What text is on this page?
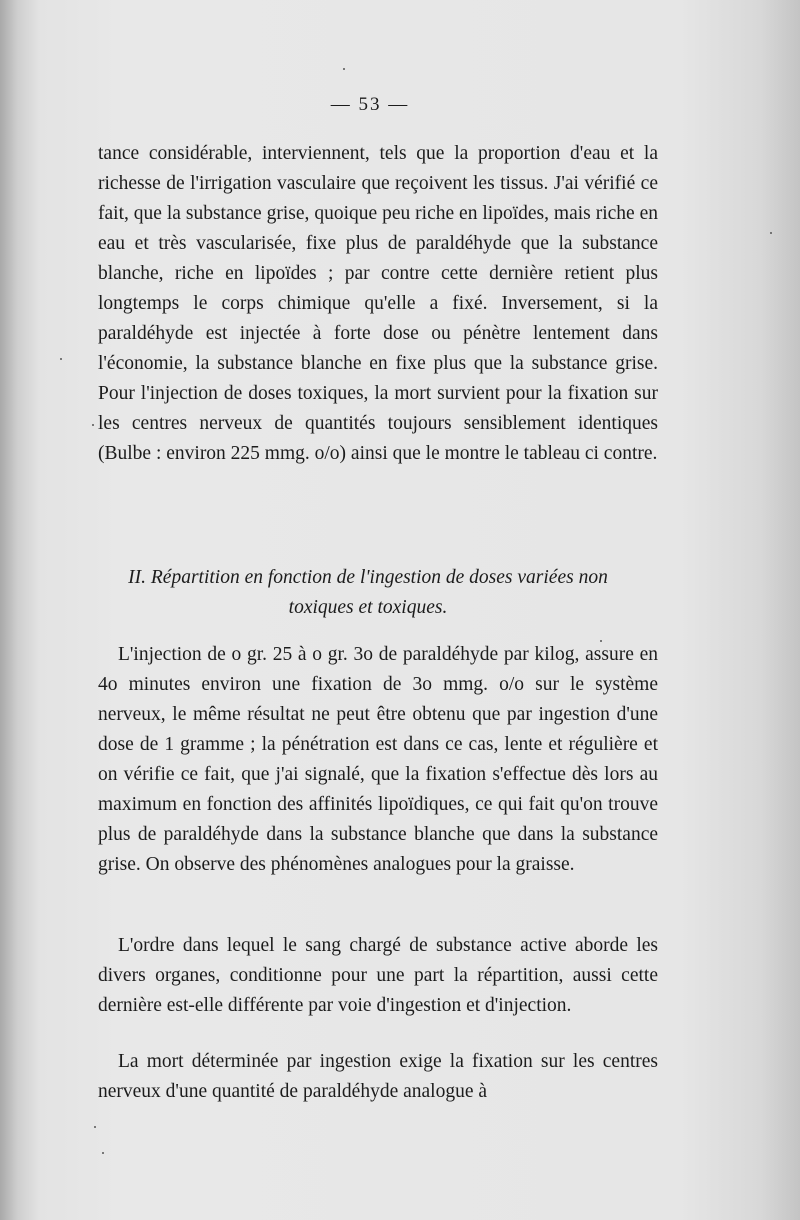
— 53 —

tance considérable, interviennent, tels que la proportion d'eau et la richesse de l'irrigation vasculaire que reçoivent les tissus. J'ai vérifié ce fait, que la substance grise, quoique peu riche en lipoïdes, mais riche en eau et très vascularisée, fixe plus de paraldéhyde que la substance blanche, riche en lipoïdes ; par contre cette dernière retient plus longtemps le corps chimique qu'elle a fixé. Inversement, si la paraldéhyde est injectée à forte dose ou pénètre lentement dans l'économie, la substance blanche en fixe plus que la substance grise. Pour l'injection de doses toxiques, la mort survient pour la fixation sur les centres nerveux de quantités toujours sensiblement identiques (Bulbe : environ 225 mmg. o/o) ainsi que le montre le tableau ci contre.

II. Répartition en fonction de l'ingestion de doses variées non toxiques et toxiques.

L'injection de o gr. 25 à o gr. 3o de paraldéhyde par kilog, assure en 4o minutes environ une fixation de 3o mmg. o/o sur le système nerveux, le même résultat ne peut être obtenu que par ingestion d'une dose de 1 gramme ; la pénétration est dans ce cas, lente et régulière et on vérifie ce fait, que j'ai signalé, que la fixation s'effectue dès lors au maximum en fonction des affinités lipoïdiques, ce qui fait qu'on trouve plus de paraldéhyde dans la substance blanche que dans la substance grise. On observe des phénomènes analogues pour la graisse.

L'ordre dans lequel le sang chargé de substance active aborde les divers organes, conditionne pour une part la répartition, aussi cette dernière est-elle différente par voie d'ingestion et d'injection.

La mort déterminée par ingestion exige la fixation sur les centres nerveux d'une quantité de paraldéhyde analogue à
